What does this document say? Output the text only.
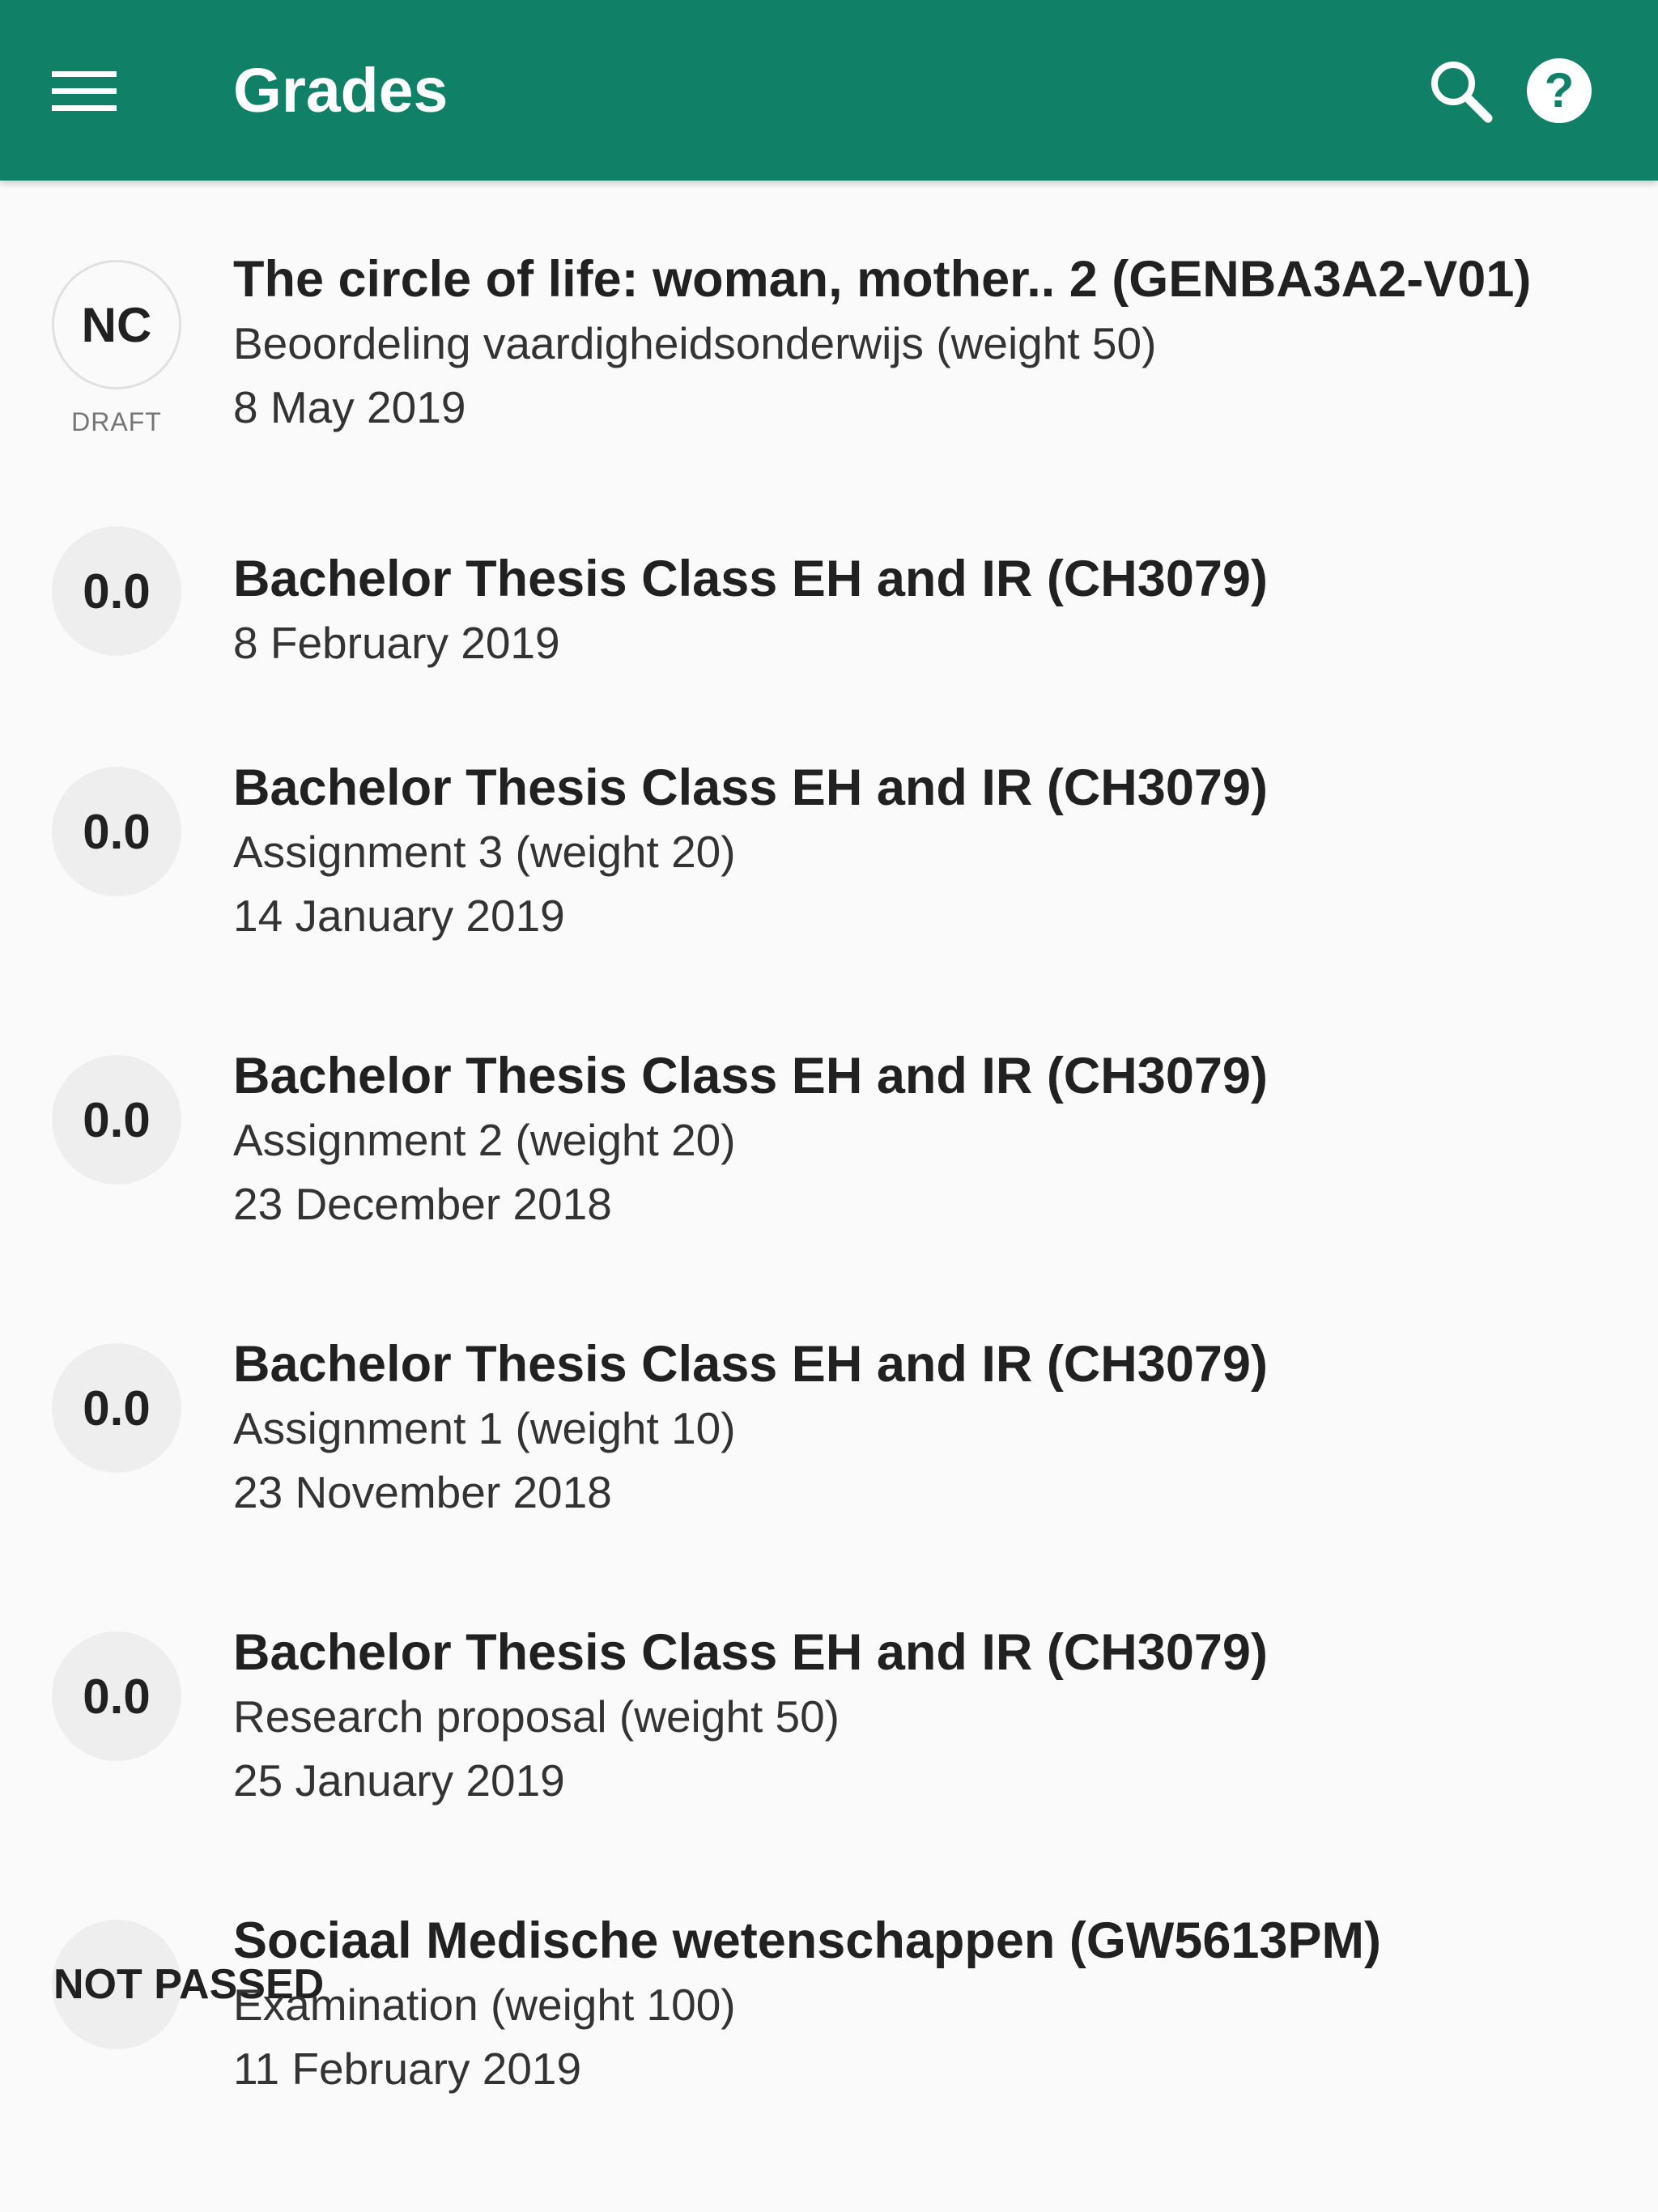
Grades	?
NC
DRAFT
The circle of life: woman, mother.. 2 (GENBA3A2-V01)
Beoordeling vaardigheidsonderwijs (weight 50)
8 May 2019
0.0 Bachelor Thesis Class EH and IR (CH3079)
8 February 2019
0.0
Bachelor Thesis Class EH and IR (CH3079)
Assignment 3 (weight 20)
14 January 2019
0.0
Bachelor Thesis Class EH and IR (CH3079)
Assignment 2 (weight 20)
23 December 2018
0.0
Bachelor Thesis Class EH and IR (CH3079)
Assignment 1 (weight 10)
23 November 2018
0.0
Bachelor Thesis Class EH and IR (CH3079)
Research proposal (weight 50)
25 January 2019
NOT PASSED
Sociaal Medische wetenschappen (GW5613PM)
Examination (weight 100)
11 February 2019
